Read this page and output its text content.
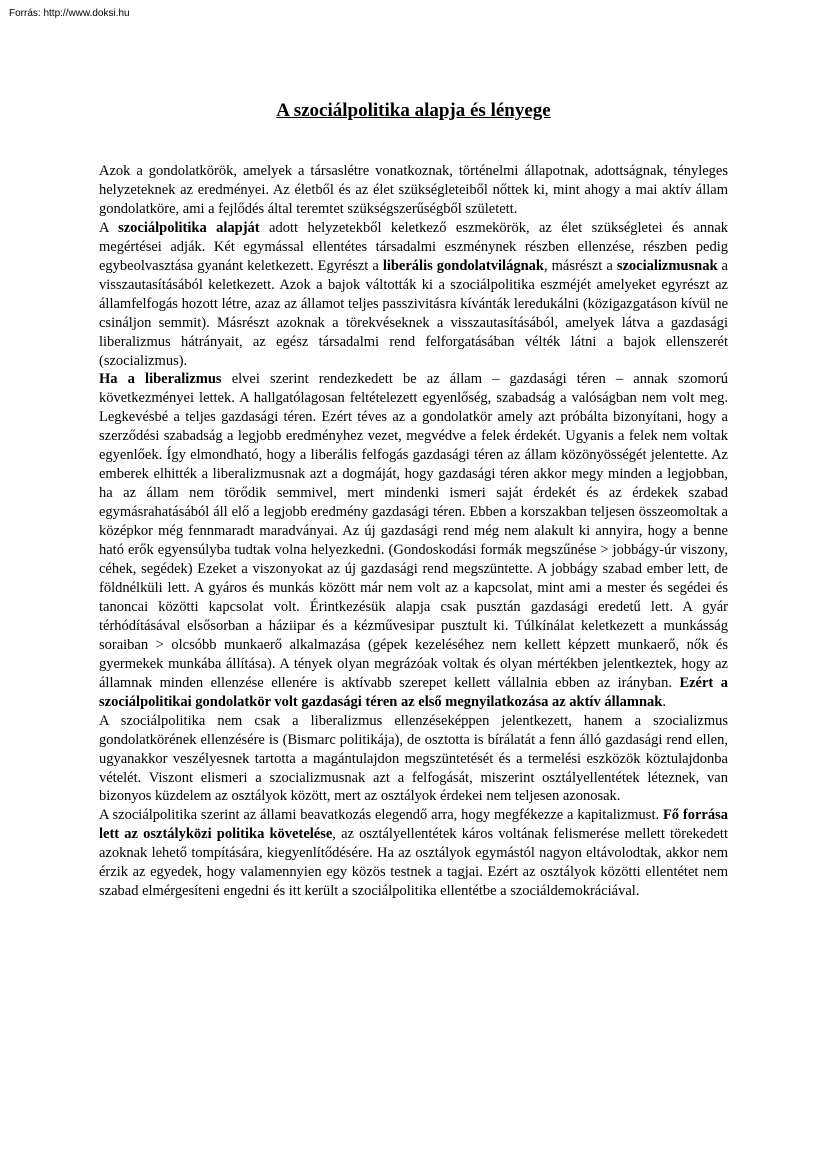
Forrás: http://www.doksi.hu
A szociálpolitika alapja és lényege

Azok a gondolatkörök, amelyek a társaslétre vonatkoznak, történelmi állapotnak, adottságnak, tényleges helyzeteknek az eredményei. Az életből és az élet szükségleteiből nőttek ki, mint ahogy a mai aktív állam gondolatköre, ami a fejlődés által teremtet szükségszerűségből született.

A szociálpolitika alapját adott helyzetekből keletkező eszmekörök, az élet szükségletei és annak megértései adják. Két egymással ellentétes társadalmi eszménynek részben ellenzése, részben pedig egybeolvasztása gyanánt keletkezett. Egyrészt a liberális gondolatvilágnak, másrészt a szocializmusnak a visszautasításából keletkezett. Azok a bajok váltották ki a szociálpolitika eszméjét amelyeket egyrészt az államfelfogás hozott létre, azaz az államot teljes passzivitásra kívánták leredukálni (közigazgatáson kívül ne csináljon semmit). Másrészt azoknak a törekvéseknek a visszautasításából, amelyek látva a gazdasági liberalizmus hátrányait, az egész társadalmi rend felforgatásában vélték látni a bajok ellenszerét (szocializmus).

Ha a liberalizmus elvei szerint rendezkedett be az állam – gazdasági téren – annak szomorú következményei lettek. A hallgatólagosan feltételezett egyenlőség, szabadság a valóságban nem volt meg. Legkevésbé a teljes gazdasági téren. Ezért téves az a gondolatkör amely azt próbálta bizonyítani, hogy a szerződési szabadság a legjobb eredményhez vezet, megvédve a felek érdekét. Ugyanis a felek nem voltak egyenlőek. Így elmondható, hogy a liberális felfogás gazdasági téren az állam közönyösségét jelentette. Az emberek elhitték a liberalizmusnak azt a dogmáját, hogy gazdasági téren akkor megy minden a legjobban, ha az állam nem törődik semmivel, mert mindenki ismeri saját érdekét és az érdekek szabad egymásrahatásából áll elő a legjobb eredmény gazdasági téren. Ebben a korszakban teljesen összeomoltak a középkor még fennmaradt maradványai. Az új gazdasági rend még nem alakult ki annyira, hogy a benne ható erők egyensúlyba tudtak volna helyezkedni. (Gondoskodási formák megszűnése > jobbágy-úr viszony, céhek, segédek) Ezeket a viszonyokat az új gazdasági rend megszüntette. A jobbágy szabad ember lett, de földnélküli lett. A gyáros és munkás között már nem volt az a kapcsolat, mint ami a mester és segédei és tanoncai közötti kapcsolat volt. Érintkezésük alapja csak pusztán gazdasági eredetű lett. A gyár térhódításával elsősorban a háziipar és a kézművesipar pusztult ki. Túlkínálat keletkezett a munkásság soraiban > olcsóbb munkaerő alkalmazása (gépek kezeléséhez nem kellett képzett munkaerő, nők és gyermekek munkába állítása). A tények olyan megrázóak voltak és olyan mértékben jelentkeztek, hogy az államnak minden ellenzése ellenére is aktívabb szerepet kellett vállalnia ebben az irányban. Ezért a szociálpolitikai gondolatkör volt gazdasági téren az első megnyilatkozása az aktív államnak.

A szociálpolitika nem csak a liberalizmus ellenzéseképpen jelentkezett, hanem a szocializmus gondolatkörének ellenzésére is (Bismarc politikája), de osztotta is bírálatát a fenn álló gazdasági rend ellen, ugyanakkor veszélyesnek tartotta a magántulajdon megszüntetését és a termelési eszközök köztulajdonba vételét. Viszont elismeri a szocializmusnak azt a felfogását, miszerint osztályellentétek léteznek, van bizonyos küzdelem az osztályok között, mert az osztályok érdekei nem teljesen azonosak.

A szociálpolitika szerint az állami beavatkozás elegendő arra, hogy megfékezze a kapitalizmust. Fő forrása lett az osztályközi politika követelése, az osztályellentétek káros voltának felismerése mellett törekedett azoknak lehető tompítására, kiegyenlítődésére. Ha az osztályok egymástól nagyon eltávolodtak, akkor nem érzik az egyedek, hogy valamennyien egy közös testnek a tagjai. Ezért az osztályok közötti ellentétet nem szabad elmérgesíteni engedni és itt került a szociálpolitika ellentétbe a szociáldemokráciával.
